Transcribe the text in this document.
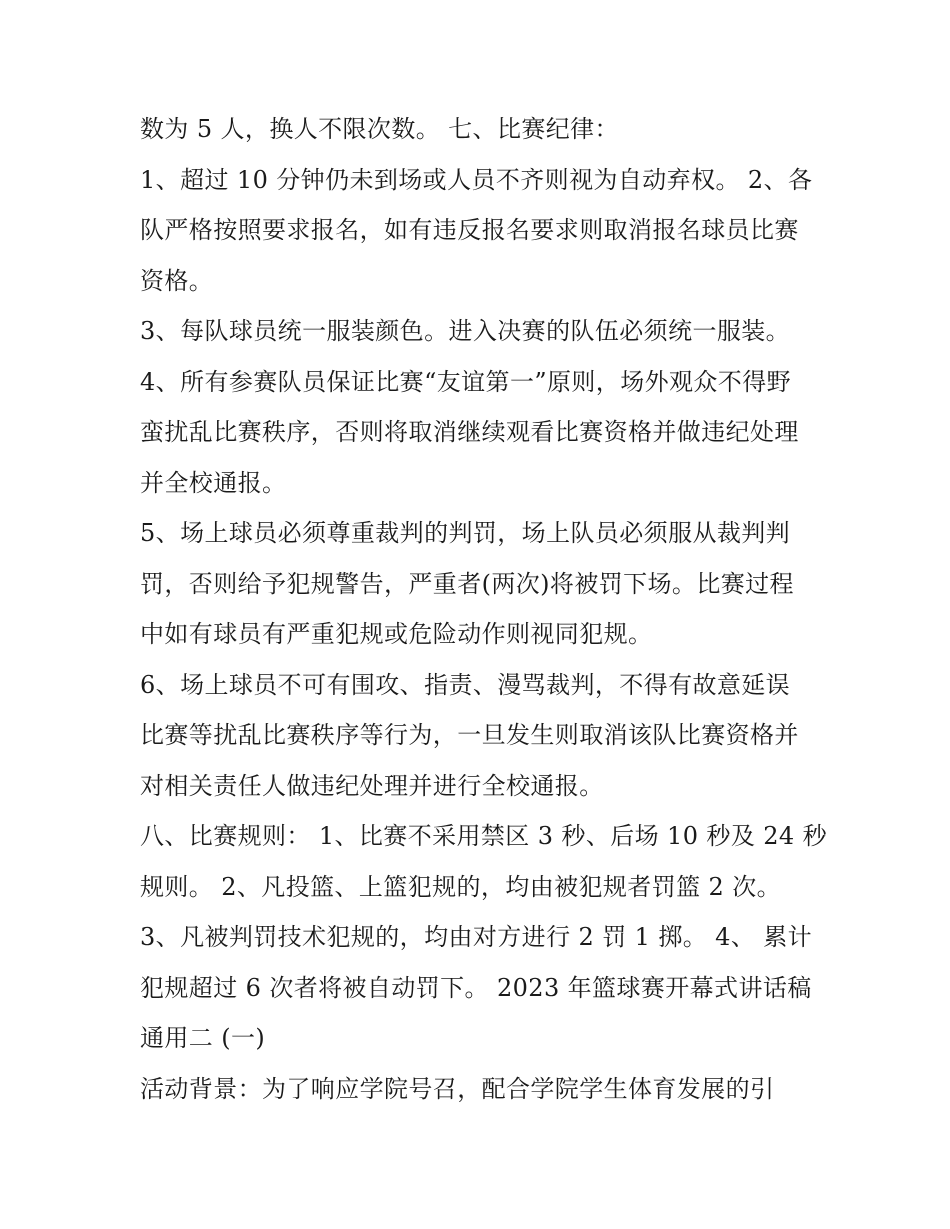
数为 5 人，换人不限次数。 七、比赛纪律：
1、超过 10 分钟仍未到场或人员不齐则视为自动弃权。 2、各
队严格按照要求报名，如有违反报名要求则取消报名球员比赛
资格。
3、每队球员统一服装颜色。进入决赛的队伍必须统一服装。
4、所有参赛队员保证比赛“友谊第一”原则，场外观众不得野
蛮扰乱比赛秩序，否则将取消继续观看比赛资格并做违纪处理
并全校通报。
5、场上球员必须尊重裁判的判罚，场上队员必须服从裁判判
罚，否则给予犯规警告，严重者(两次)将被罚下场。比赛过程
中如有球员有严重犯规或危险动作则视同犯规。
6、场上球员不可有围攻、指责、漫骂裁判，不得有故意延误
比赛等扰乱比赛秩序等行为，一旦发生则取消该队比赛资格并
对相关责任人做违纪处理并进行全校通报。
八、比赛规则： 1、比赛不采用禁区 3 秒、后场 10 秒及 24 秒
规则。 2、凡投篮、上篮犯规的，均由被犯规者罚篮 2 次。
3、凡被判罚技术犯规的，均由对方进行 2 罚 1 掷。 4、 累计
犯规超过 6 次者将被自动罚下。 2023 年篮球赛开幕式讲话稿
通用二 (一)
活动背景：为了响应学院号召，配合学院学生体育发展的引
